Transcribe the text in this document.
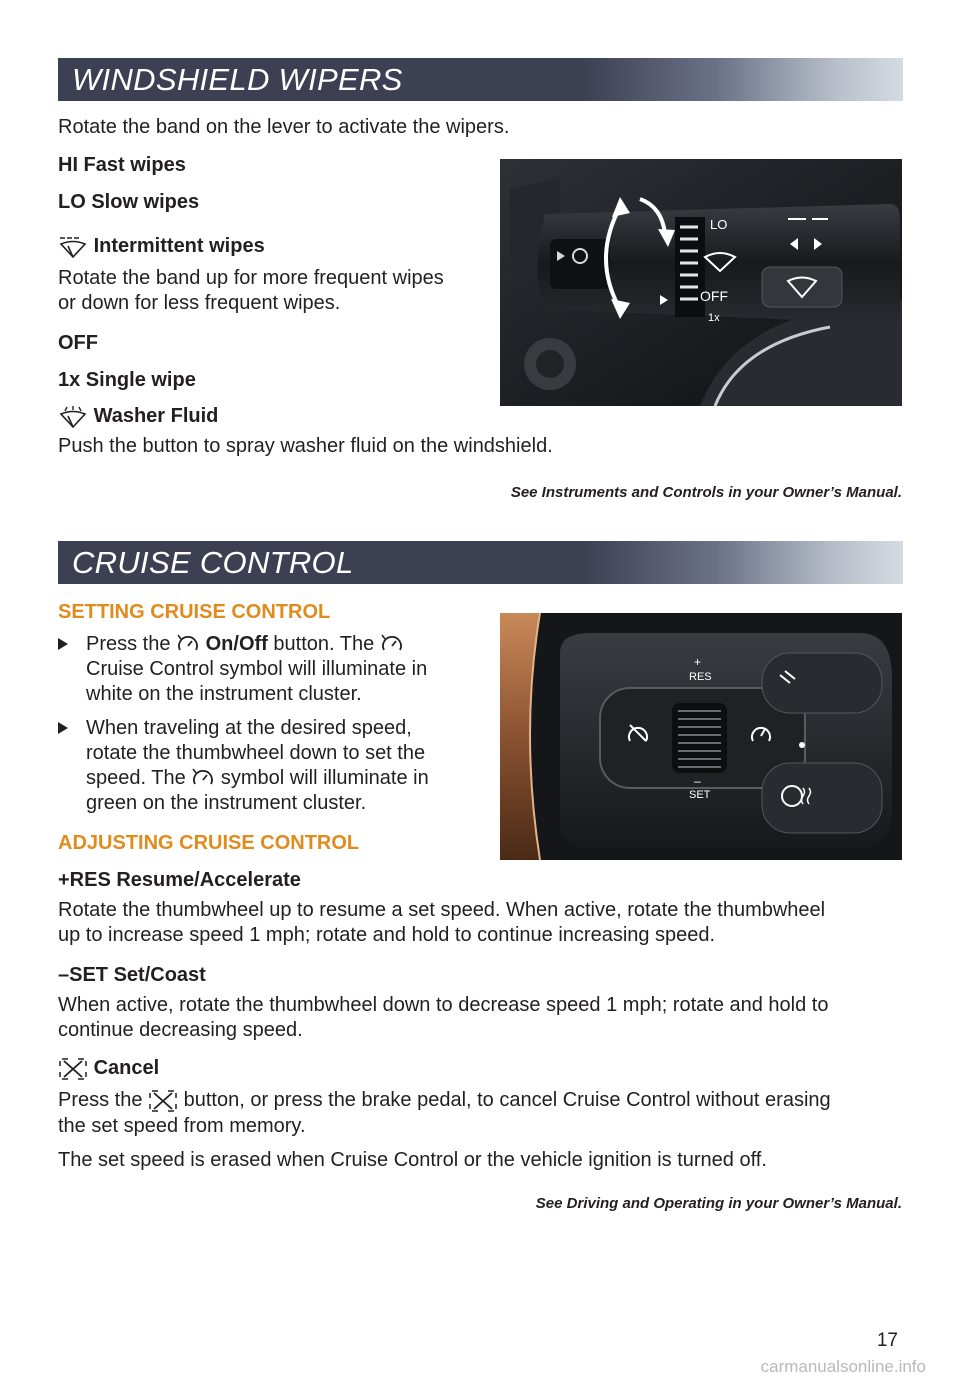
WINDSHIELD WIPERS

Rotate the band on the lever to activate the wipers.

HI Fast wipes

LO Slow wipes

Intermittent wipes

Rotate the band up for more frequent wipes

or down for less frequent wipes.

OFF

1x Single wipe

Washer Fluid

Push the button to spray washer fluid on the windshield.

See Instruments and Controls in your Owner’s Manual.
LO
OFF
1x
CRUISE CONTROL
SETTING CRUISE CONTROL
Press the On/Off button. The
Cruise Control symbol will illuminate in
white on the instrument cluster.
When traveling at the desired speed,
rotate the thumbwheel down to set the
speed. The symbol will illuminate in
green on the instrument cluster.
ADJUSTING CRUISE CONTROL

+RES Resume/Accelerate

Rotate the thumbwheel up to resume a set speed. When active, rotate the thumbwheel

up to increase speed 1 mph; rotate and hold to continue increasing speed.

–SET Set/Coast

When active, rotate the thumbwheel down to decrease speed 1 mph; rotate and hold to

continue decreasing speed.

Cancel
Press the button, or press the brake pedal, to cancel Cruise Control without erasing

the set speed from memory.

The set speed is erased when Cruise Control or the vehicle ignition is turned off.

See Driving and Operating in your Owner’s Manual.
+
RES
–
SET
17
carmanualsonline.info
